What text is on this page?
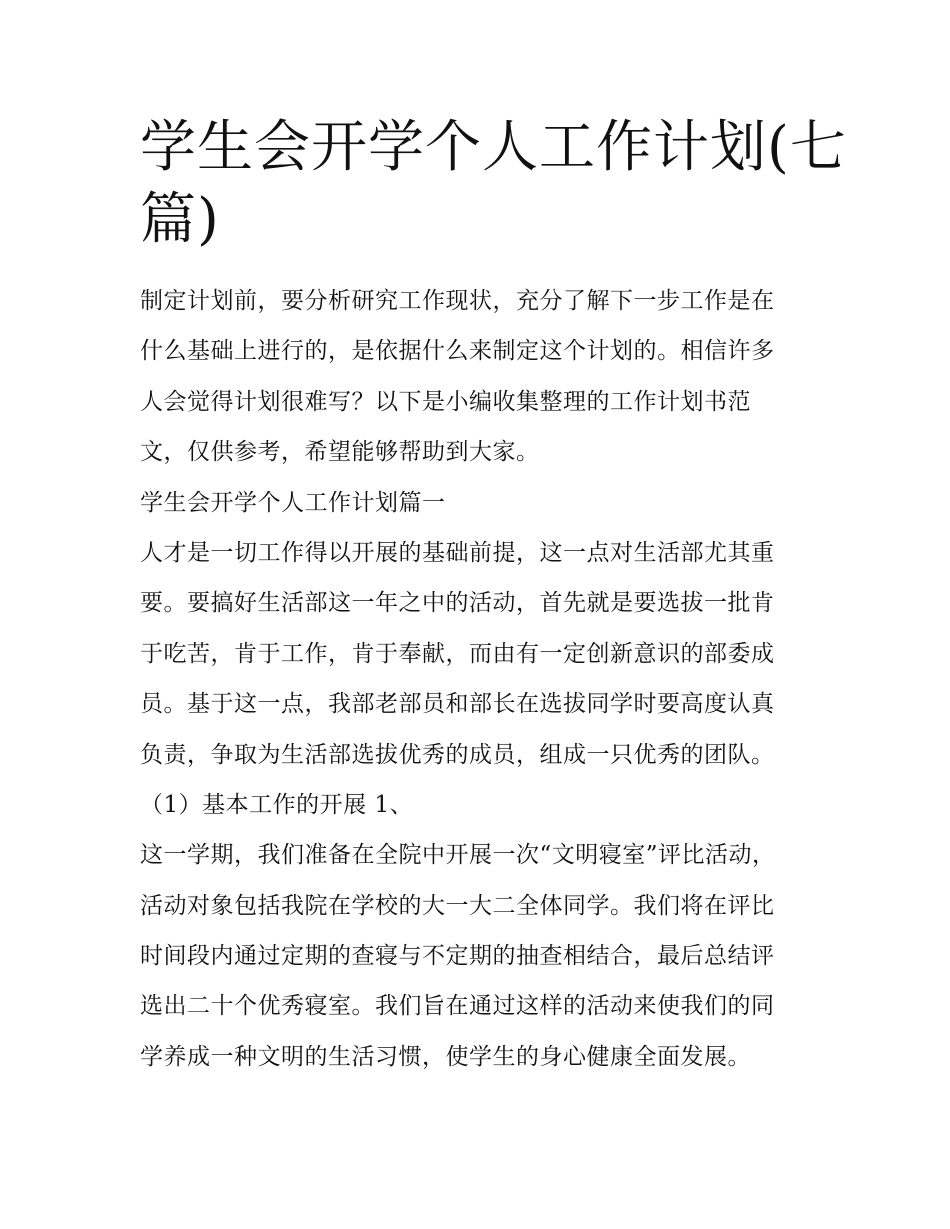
学生会开学个人工作计划(七
篇)
制定计划前，要分析研究工作现状，充分了解下一步工作是在
什么基础上进行的，是依据什么来制定这个计划的。相信许多
人会觉得计划很难写？以下是小编收集整理的工作计划书范
文，仅供参考，希望能够帮助到大家。
学生会开学个人工作计划篇一
人才是一切工作得以开展的基础前提，这一点对生活部尤其重
要。要搞好生活部这一年之中的活动，首先就是要选拔一批肯
于吃苦，肯于工作，肯于奉献，而由有一定创新意识的部委成
员。基于这一点，我部老部员和部长在选拔同学时要高度认真
负责，争取为生活部选拔优秀的成员，组成一只优秀的团队。
（1）基本工作的开展 1、
这一学期，我们准备在全院中开展一次“文明寝室”评比活动，
活动对象包括我院在学校的大一大二全体同学。我们将在评比
时间段内通过定期的查寝与不定期的抽查相结合，最后总结评
选出二十个优秀寝室。我们旨在通过这样的活动来使我们的同
学养成一种文明的生活习惯，使学生的身心健康全面发展。
